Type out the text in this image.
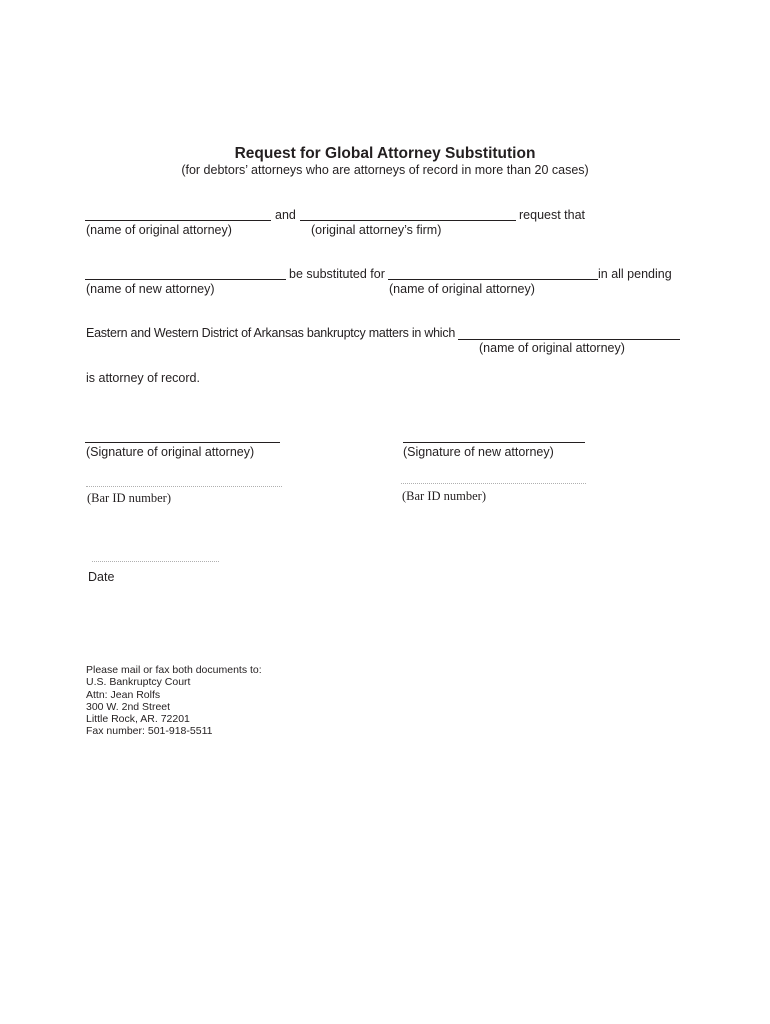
Request for Global Attorney Substitution
(for debtors’ attorneys who are attorneys of record in more than 20 cases)
and	request that
(name of original attorney)	(original attorney’s firm)
be substituted for	in all pending
(name of new attorney)	(name of original attorney)
Eastern and Western District of Arkansas bankruptcy matters in which
(name of original attorney)
is attorney of record.
(Signature of original attorney)	(Signature of new attorney)
(Bar ID number)	(Bar ID number)
Date
Please mail or fax both documents to:
U.S. Bankruptcy Court
Attn: Jean Rolfs
300 W. 2nd Street
Little Rock, AR. 72201
Fax number: 501-918-5511
